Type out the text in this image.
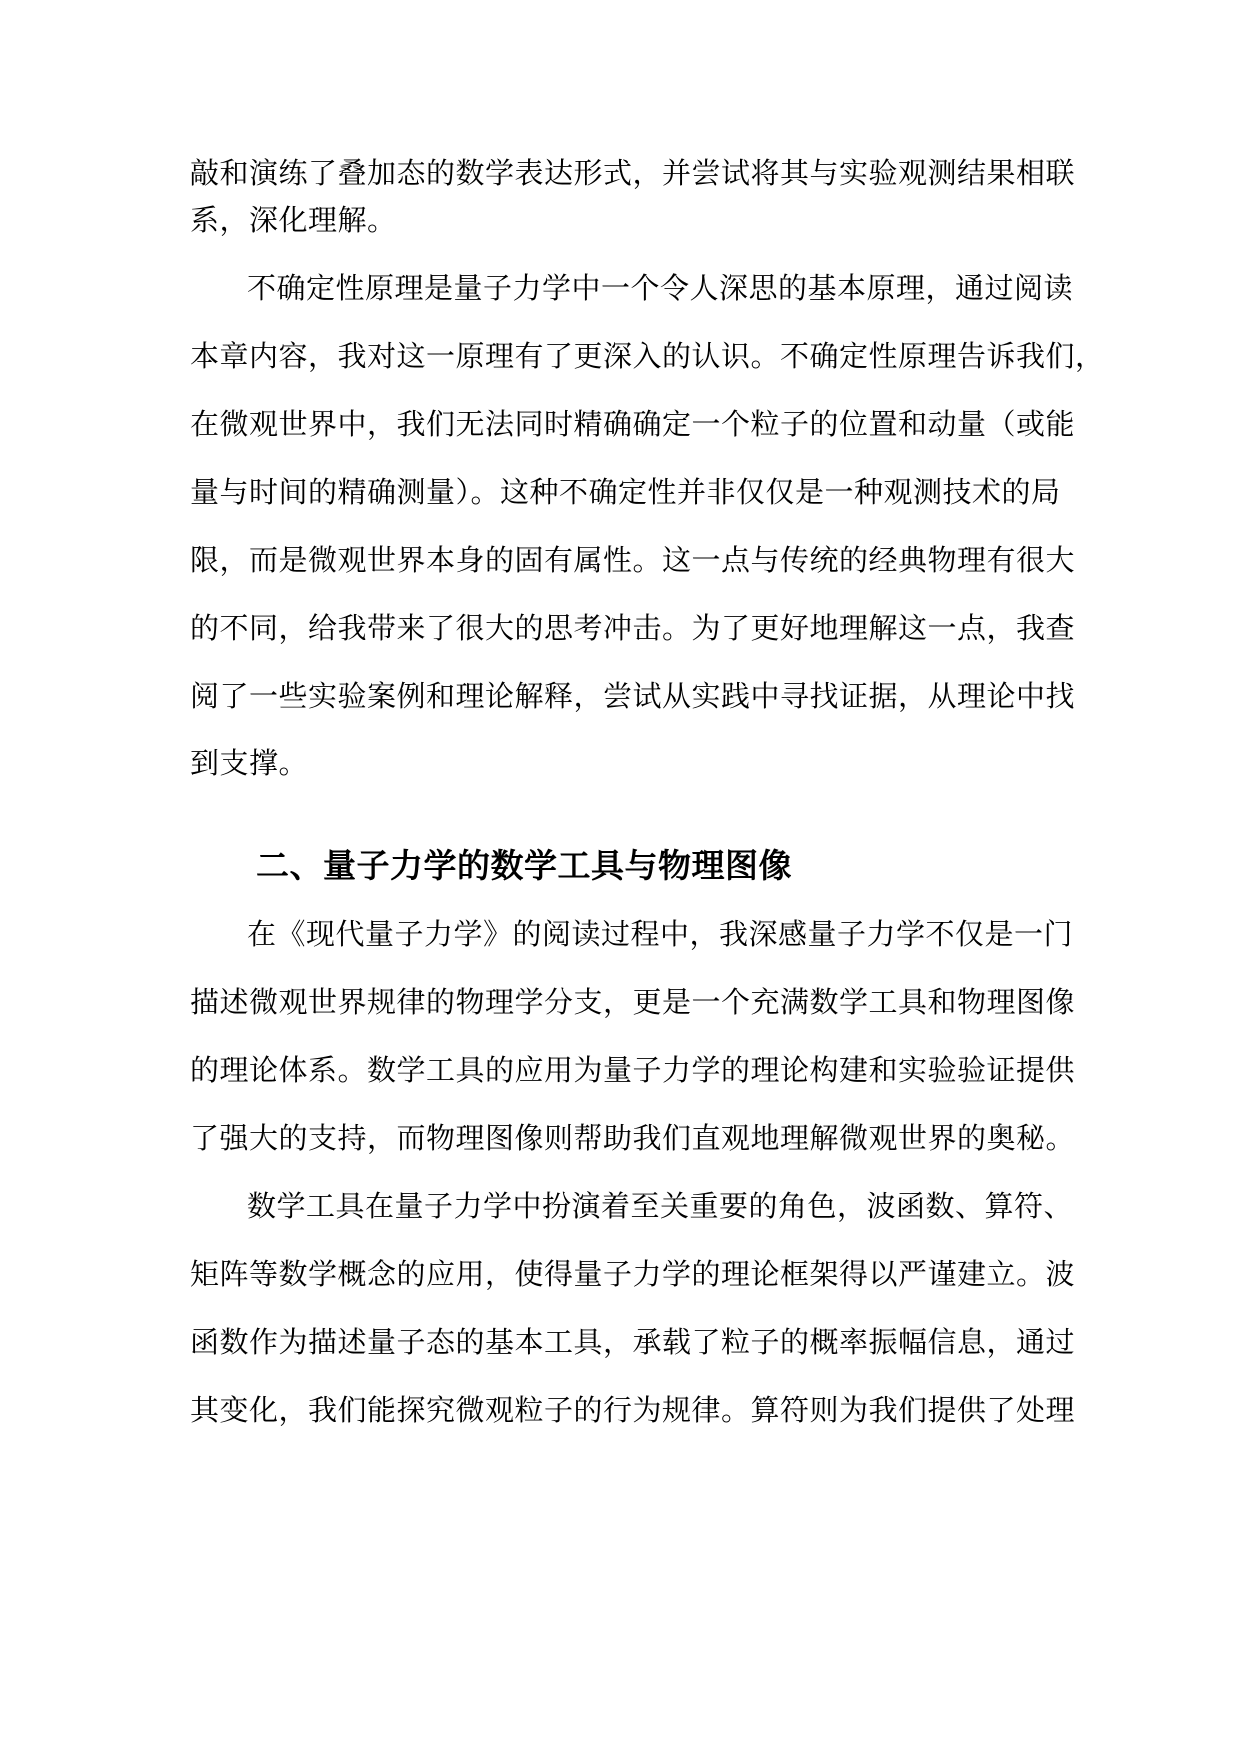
敲和演练了叠加态的数学表达形式，并尝试将其与实验观测结果相联
系，深化理解。
不确定性原理是量子力学中一个令人深思的基本原理，通过阅读
本章内容，我对这一原理有了更深入的认识。不确定性原理告诉我们，
在微观世界中，我们无法同时精确确定一个粒子的位置和动量（或能
量与时间的精确测量）。这种不确定性并非仅仅是一种观测技术的局
限，而是微观世界本身的固有属性。这一点与传统的经典物理有很大
的不同，给我带来了很大的思考冲击。为了更好地理解这一点，我查
阅了一些实验案例和理论解释，尝试从实践中寻找证据，从理论中找
到支撑。
二、量子力学的数学工具与物理图像
在《现代量子力学》的阅读过程中，我深感量子力学不仅是一门
描述微观世界规律的物理学分支，更是一个充满数学工具和物理图像
的理论体系。数学工具的应用为量子力学的理论构建和实验验证提供
了强大的支持，而物理图像则帮助我们直观地理解微观世界的奥秘。
数学工具在量子力学中扮演着至关重要的角色，波函数、算符、
矩阵等数学概念的应用，使得量子力学的理论框架得以严谨建立。波
函数作为描述量子态的基本工具，承载了粒子的概率振幅信息，通过
其变化，我们能探究微观粒子的行为规律。算符则为我们提供了处理
